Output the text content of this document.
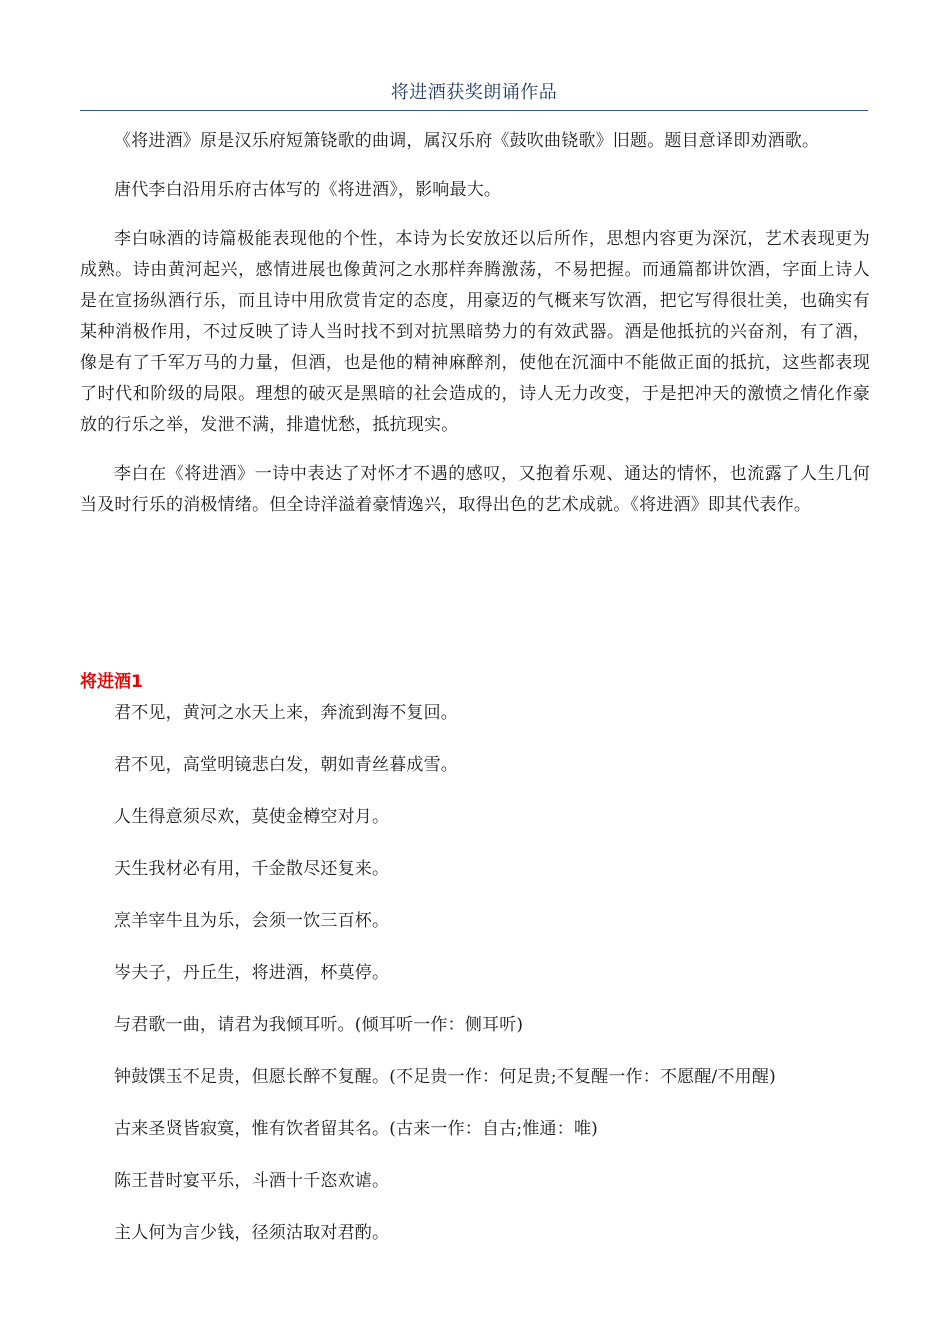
将进酒获奖朗诵作品

《将进酒》原是汉乐府短箫铙歌的曲调，属汉乐府《鼓吹曲铙歌》旧题。题目意译即劝酒歌。

唐代李白沿用乐府古体写的《将进酒》，影响最大。

李白咏酒的诗篇极能表现他的个性，本诗为长安放还以后所作，思想内容更为深沉，艺术表现更为成熟。诗由黄河起兴，感情进展也像黄河之水那样奔腾激荡，不易把握。而通篇都讲饮酒，字面上诗人是在宣扬纵酒行乐，而且诗中用欣赏肯定的态度，用豪迈的气概来写饮酒，把它写得很壮美，也确实有某种消极作用，不过反映了诗人当时找不到对抗黑暗势力的有效武器。酒是他抵抗的兴奋剂，有了酒，像是有了千军万马的力量，但酒，也是他的精神麻醉剂，使他在沉湎中不能做正面的抵抗，这些都表现了时代和阶级的局限。理想的破灭是黑暗的社会造成的，诗人无力改变，于是把冲天的激愤之情化作豪放的行乐之举，发泄不满，排遣忧愁，抵抗现实。

李白在《将进酒》一诗中表达了对怀才不遇的感叹，又抱着乐观、通达的情怀，也流露了人生几何当及时行乐的消极情绪。但全诗洋溢着豪情逸兴，取得出色的艺术成就。《将进酒》即其代表作。

将进酒1

君不见，黄河之水天上来，奔流到海不复回。

君不见，高堂明镜悲白发，朝如青丝暮成雪。

人生得意须尽欢，莫使金樽空对月。

天生我材必有用，千金散尽还复来。

烹羊宰牛且为乐，会须一饮三百杯。

岑夫子，丹丘生，将进酒，杯莫停。

与君歌一曲，请君为我倾耳听。(倾耳听一作：侧耳听)

钟鼓馔玉不足贵，但愿长醉不复醒。(不足贵一作：何足贵;不复醒一作：不愿醒/不用醒)

古来圣贤皆寂寞，惟有饮者留其名。(古来一作：自古;惟通：唯)

陈王昔时宴平乐，斗酒十千恣欢谑。

主人何为言少钱，径须沽取对君酌。
